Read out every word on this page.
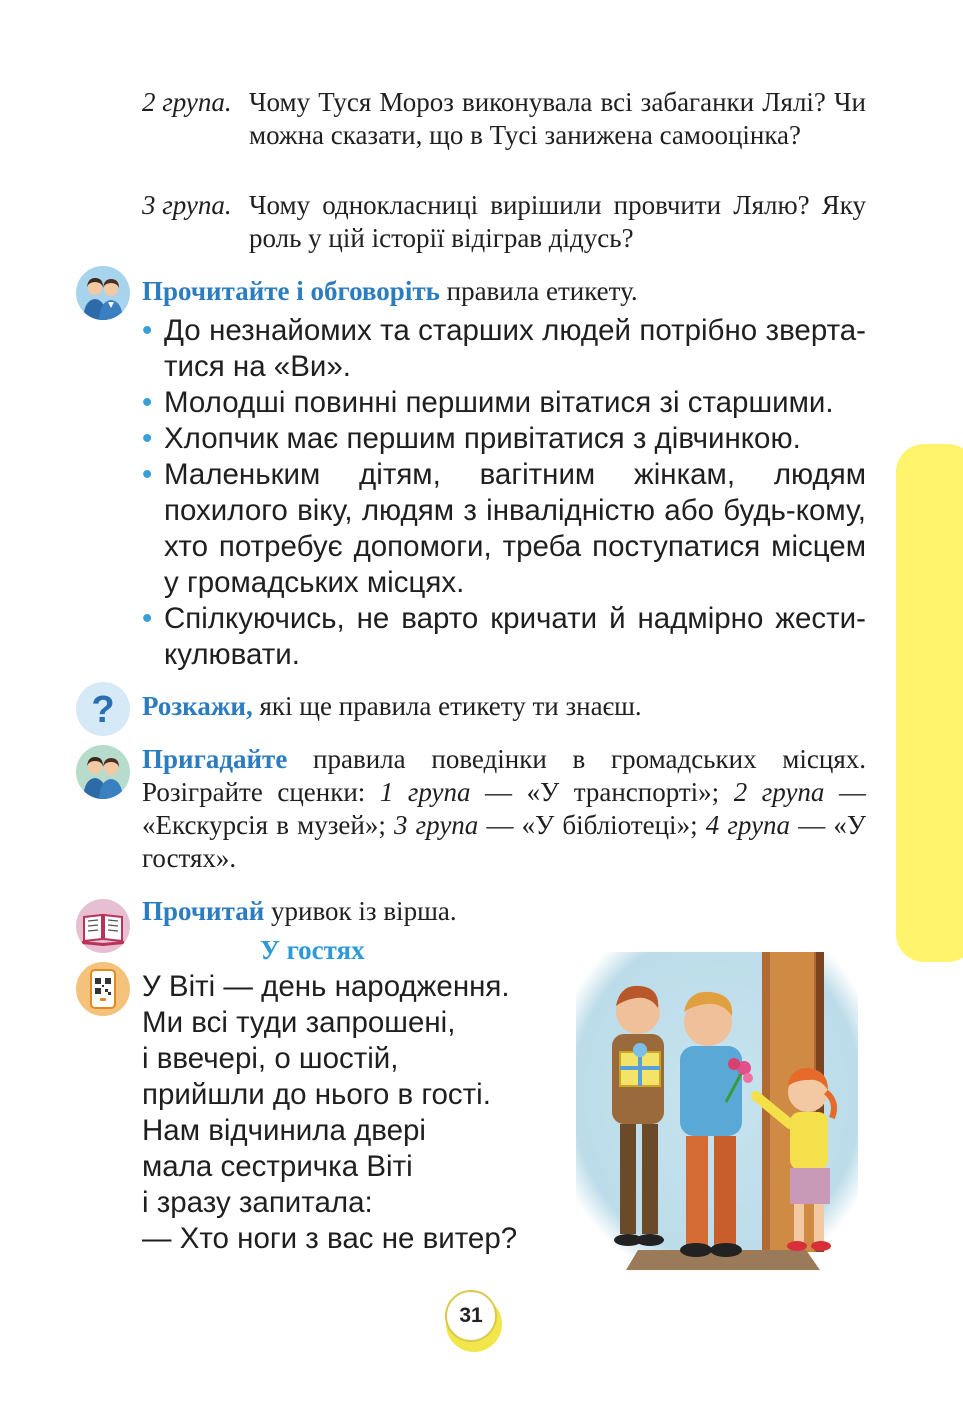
2 група. Чому Туся Мороз виконувала всі забаганки Лялі? Чи можна сказати, що в Тусі занижена самооцінка?
3 група. Чому однокласниці вирішили провчити Лялю? Яку роль у цій історії відіграв дідусь?
Прочитайте і обговоріть правила етикету.
• До незнайомих та старших людей потрібно звертатися на «Ви».
• Молодші повинні першими вітатися зі старшими.
• Хлопчик має першим привітатися з дівчинкою.
• Маленьким дітям, вагітним жінкам, людям похилого віку, людям з інвалідністю або будь-кому, хто потребує допомоги, треба поступатися місцем у громадських місцях.
• Спілкуючись, не варто кричати й надмірно жестикулювати.
? Розкажи, які ще правила етикету ти знаєш.
Пригадайте правила поведінки в громадських місцях. Розіграйте сценки: 1 група — «У транспорті»; 2 група — «Екскурсія в музей»; 3 група — «У бібліотеці»; 4 група — «У гостях».
Прочитай уривок із вірша.
У гостях
У Віті — день народження.
Ми всі туди запрошені,
і ввечері, о шостій,
прийшли до нього в гості.
Нам відчинила двері
мала сестричка Віті
і зразу запитала:
— Хто ноги з вас не витер?
31
